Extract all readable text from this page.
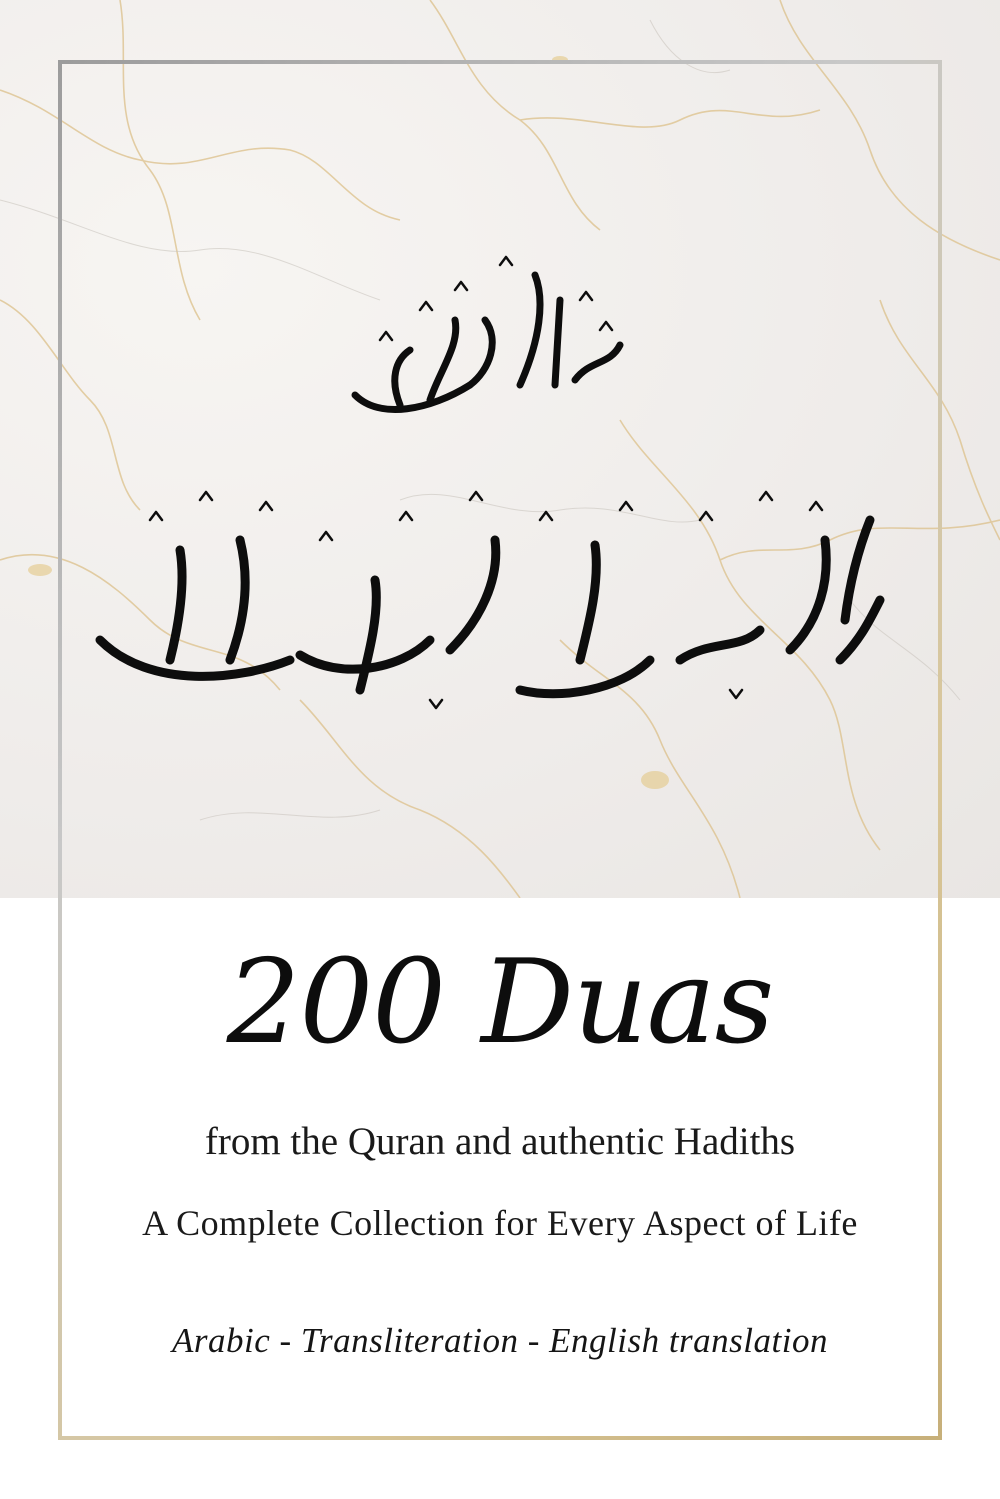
200 Duas
from the Quran and authentic Hadiths
A Complete Collection for Every Aspect of Life
Arabic - Transliteration - English translation
